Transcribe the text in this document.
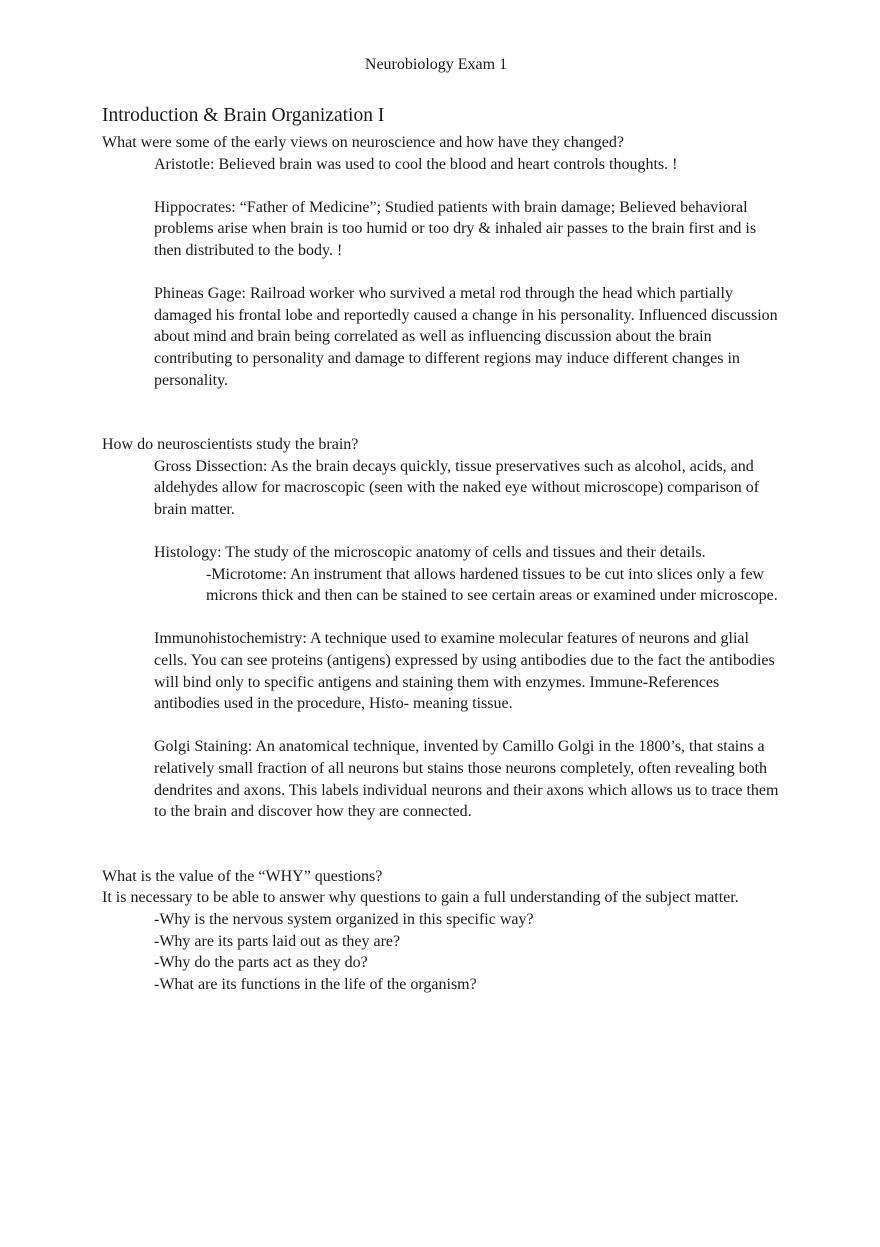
Neurobiology Exam 1
Introduction & Brain Organization I

What were some of the early views on neuroscience and how have they changed?

Aristotle: Believed brain was used to cool the blood and heart controls thoughts. !

Hippocrates: “Father of Medicine”; Studied patients with brain damage; Believed behavioral problems arise when brain is too humid or too dry & inhaled air passes to the brain first and is then distributed to the body. !

Phineas Gage: Railroad worker who survived a metal rod through the head which partially damaged his frontal lobe and reportedly caused a change in his personality. Influenced discussion about mind and brain being correlated as well as influencing discussion about the brain contributing to personality and damage to different regions may induce different changes in personality.

How do neuroscientists study the brain?

Gross Dissection: As the brain decays quickly, tissue preservatives such as alcohol, acids, and aldehydes allow for macroscopic (seen with the naked eye without microscope) comparison of brain matter.

Histology: The study of the microscopic anatomy of cells and tissues and their details.

-Microtome: An instrument that allows hardened tissues to be cut into slices only a few microns thick and then can be stained to see certain areas or examined under microscope.

Immunohistochemistry: A technique used to examine molecular features of neurons and glial cells. You can see proteins (antigens) expressed by using antibodies due to the fact the antibodies will bind only to specific antigens and staining them with enzymes. Immune-References antibodies used in the procedure, Histo- meaning tissue.

Golgi Staining: An anatomical technique, invented by Camillo Golgi in the 1800’s, that stains a relatively small fraction of all neurons but stains those neurons completely, often revealing both dendrites and axons. This labels individual neurons and their axons which allows us to trace them to the brain and discover how they are connected.

What is the value of the “WHY” questions?

It is necessary to be able to answer why questions to gain a full understanding of the subject matter.

-Why is the nervous system organized in this specific way?

-Why are its parts laid out as they are?

-Why do the parts act as they do?

-What are its functions in the life of the organism?
